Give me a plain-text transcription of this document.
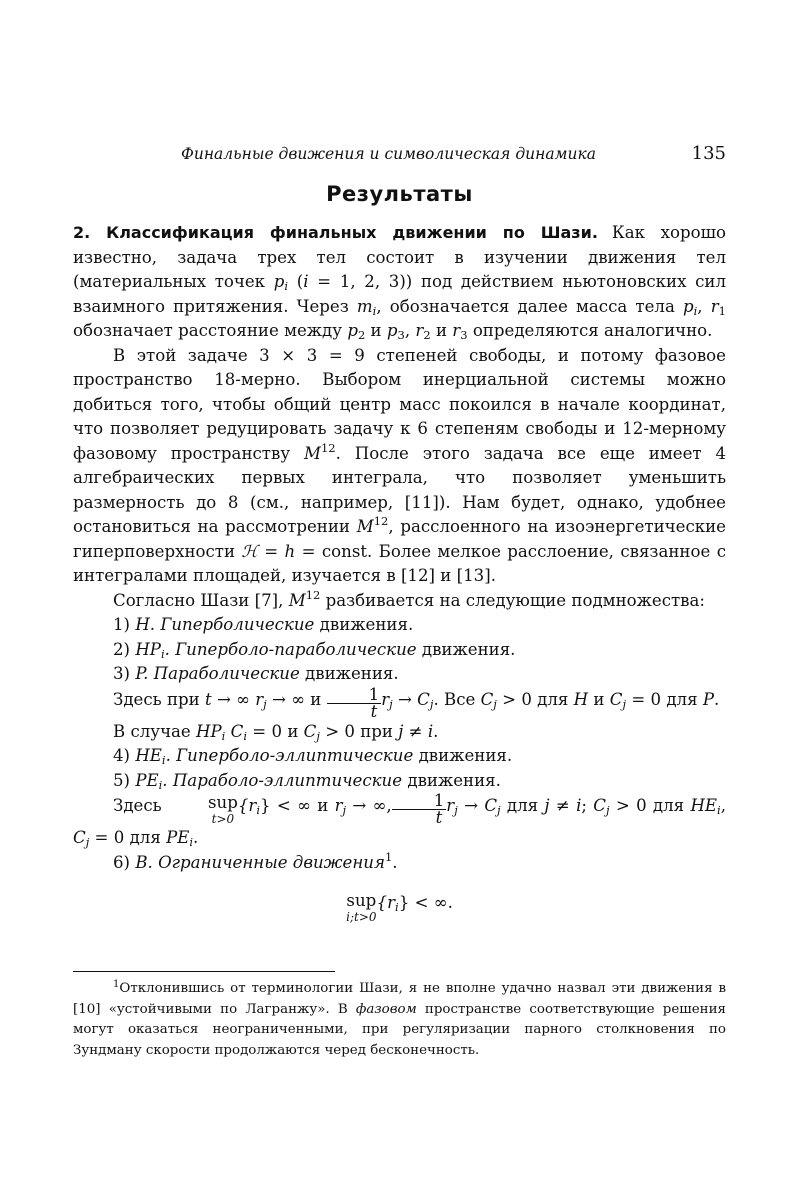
Финальные движения и символическая динамика	135
Результаты

2. Классификация финальных движении по Шази. Как хорошо известно, задача трех тел состоит в изучении движения тел (материальных точек $p_i$ (i = 1, 2, 3)) под действием ньютоновских сил взаимного притяжения. Через $m_i$, обозначается далее масса тела $p_i$, $r_1$ обозначает расстояние между $p_2$ и $p_3$, $r_2$ и $r_3$ определяются аналогично.

В этой задаче 3 × 3 = 9 степеней свободы, и потому фазовое пространство 18-мерно. Выбором инерциальной системы можно добиться того, чтобы общий центр масс покоился в начале координат, что позволяет редуцировать задачу к 6 степеням свободы и 12-мерному фазовому пространству $M^{12}$. После этого задача все еще имеет 4 алгебраических первых интеграла, что позволяет уменьшить размерность до 8 (см., например, [11]). Нам будет, однако, удобнее остановиться на рассмотрении $M^{12}$, расслоенного на изоэнергетические гиперповерхности ℋ = h = const. Более мелкое расслоение, связанное с интегралами площадей, изучается в [12] и [13].

Согласно Шази [7], $M^{12}$ разбивается на следующие подмножества:

1) H. Гиперболические движения.
2) $HP_i$. Гиперболо-параболические движения.
3) P. Параболические движения.

Здесь при t → ∞ $r_j$ → ∞ и $\frac{1}{t} r_j \to C_j$. Все $C_j > 0$ для H и $C_j = 0$ для P.

В случае $HP_i$ $C_i = 0$ и $C_j > 0$ при j ≠ i.

4) $HE_i$. Гиперболо-эллиптические движения.
5) $PE_i$. Параболо-эллиптические движения.

Здесь sup
t>0
$\{r_i\}$ < ∞ и $r_j$ → ∞, $\frac{1}{t} r_j \to C_j$ для j ≠ i; $C_j > 0$ для $HE_i$, $C_j = 0$ для $PE_i$.

6) B. Ограниченные движения$^1$.
sup
i;t>0
$\{r_i\}$ < ∞.
$^1$Отклонившись от терминологии Шази, я не вполне удачно назвал эти движения в [10] «устойчивыми по Лагранжу». В фазовом пространстве соответствующие решения могут оказаться неограниченными, при регуляризации парного столкновения по Зундману скорости продолжаются черед бесконечность.
